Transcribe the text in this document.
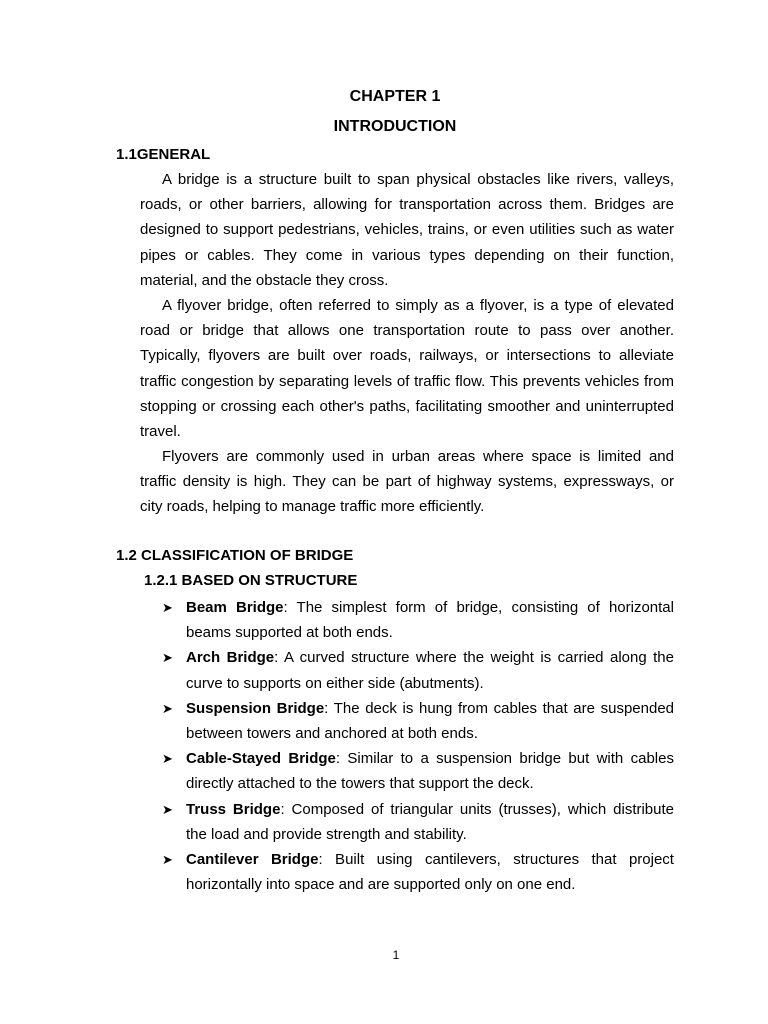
CHAPTER 1
INTRODUCTION
1.1GENERAL

A bridge is a structure built to span physical obstacles like rivers, valleys, roads, or other barriers, allowing for transportation across them. Bridges are designed to support pedestrians, vehicles, trains, or even utilities such as water pipes or cables. They come in various types depending on their function, material, and the obstacle they cross.

A flyover bridge, often referred to simply as a flyover, is a type of elevated road or bridge that allows one transportation route to pass over another. Typically, flyovers are built over roads, railways, or intersections to alleviate traffic congestion by separating levels of traffic flow. This prevents vehicles from stopping or crossing each other's paths, facilitating smoother and uninterrupted travel.

Flyovers are commonly used in urban areas where space is limited and traffic density is high. They can be part of highway systems, expressways, or city roads, helping to manage traffic more efficiently.

1.2 CLASSIFICATION OF BRIDGE
1.2.1 BASED ON STRUCTURE
➤ Beam Bridge: The simplest form of bridge, consisting of horizontal beams supported at both ends.
➤ Arch Bridge: A curved structure where the weight is carried along the curve to supports on either side (abutments).
➤ Suspension Bridge: The deck is hung from cables that are suspended between towers and anchored at both ends.
➤ Cable-Stayed Bridge: Similar to a suspension bridge but with cables directly attached to the towers that support the deck.
➤ Truss Bridge: Composed of triangular units (trusses), which distribute the load and provide strength and stability.
➤ Cantilever Bridge: Built using cantilevers, structures that project horizontally into space and are supported only on one end.
1
